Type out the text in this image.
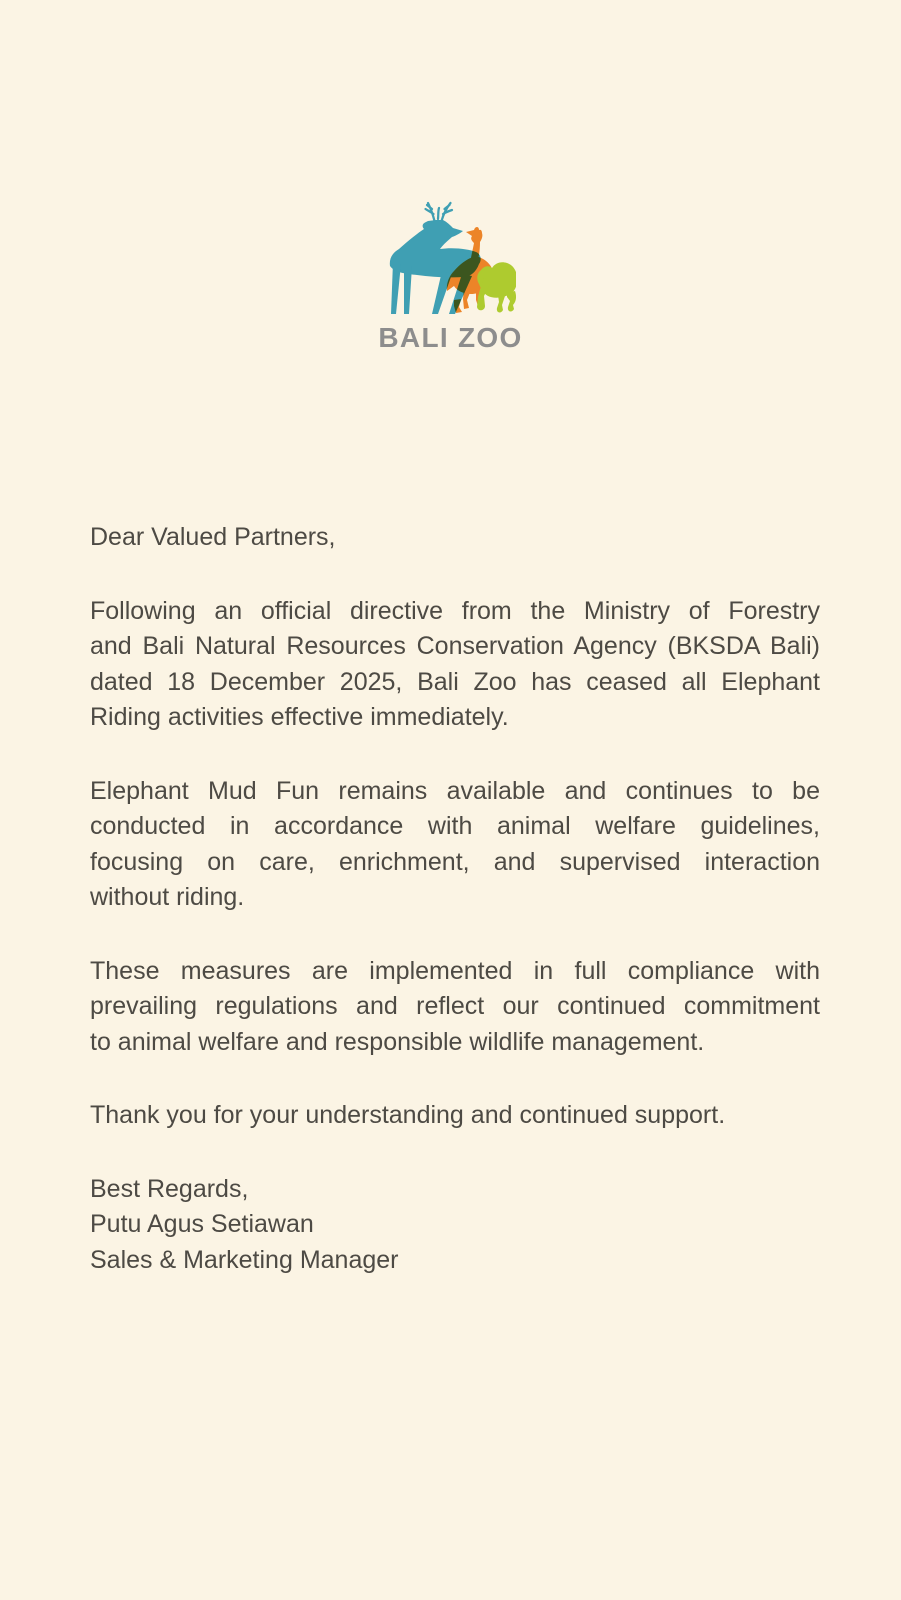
BALI ZOO

Dear Valued Partners,

Following an official directive from the Ministry of Forestry
and Bali Natural Resources Conservation Agency (BKSDA Bali)
dated 18 December 2025, Bali Zoo has ceased all Elephant
Riding activities effective immediately.
Elephant Mud Fun remains available and continues to be
conducted in accordance with animal welfare guidelines,
focusing on care, enrichment, and supervised interaction
without riding.
These measures are implemented in full compliance with
prevailing regulations and reflect our continued commitment
to animal welfare and responsible wildlife management.

Thank you for your understanding and continued support.

Best Regards,

Putu Agus Setiawan

Sales & Marketing Manager
